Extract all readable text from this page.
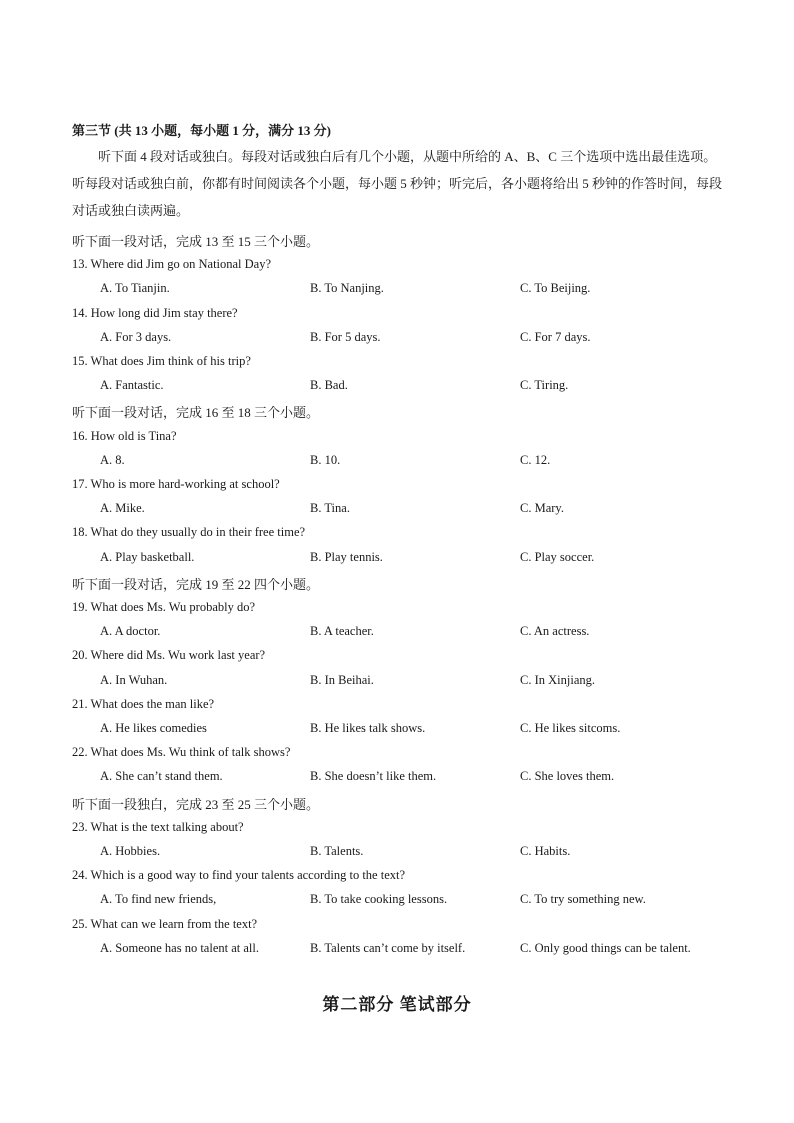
第三节 (共 13 小题，每小题 1 分，满分 13 分)
听下面 4 段对话或独白。每段对话或独白后有几个小题，从题中所给的 A、B、C 三个选项中选出最佳选项。听每段对话或独白前，你都有时间阅读各个小题，每小题 5 秒钟；听完后，各小题将给出 5 秒钟的作答时间，每段对话或独白读两遍。
听下面一段对话，完成 13 至 15 三个小题。
13. Where did Jim go on National Day?
A. To Tianjin.	B. To Nanjing.	C. To Beijing.
14. How long did Jim stay there?
A. For 3 days.	B. For 5 days.	C. For 7 days.
15. What does Jim think of his trip?
A. Fantastic.	B. Bad.	C. Tiring.
听下面一段对话，完成 16 至 18 三个小题。
16. How old is Tina?
A. 8.	B. 10.	C. 12.
17. Who is more hard-working at school?
A. Mike.	B. Tina.	C. Mary.
18. What do they usually do in their free time?
A. Play basketball.	B. Play tennis.	C. Play soccer.
听下面一段对话，完成 19 至 22 四个小题。
19. What does Ms. Wu probably do?
A. A doctor.	B. A teacher.	C. An actress.
20. Where did Ms. Wu work last year?
A. In Wuhan.	B. In Beihai.	C. In Xinjiang.
21. What does the man like?
A. He likes comedies	B. He likes talk shows.	C. He likes sitcoms.
22. What does Ms. Wu think of talk shows?
A. She can’t stand them.	B. She doesn’t like them.	C. She loves them.
听下面一段独白，完成 23 至 25 三个小题。
23. What is the text talking about?
A. Hobbies.	B. Talents.	C. Habits.
24. Which is a good way to find your talents according to the text?
A. To find new friends,	B. To take cooking lessons.	C. To try something new.
25. What can we learn from the text?
A. Someone has no talent at all.	B. Talents can’t come by itself.	C. Only good things can be talent.
第二部分 笔试部分
